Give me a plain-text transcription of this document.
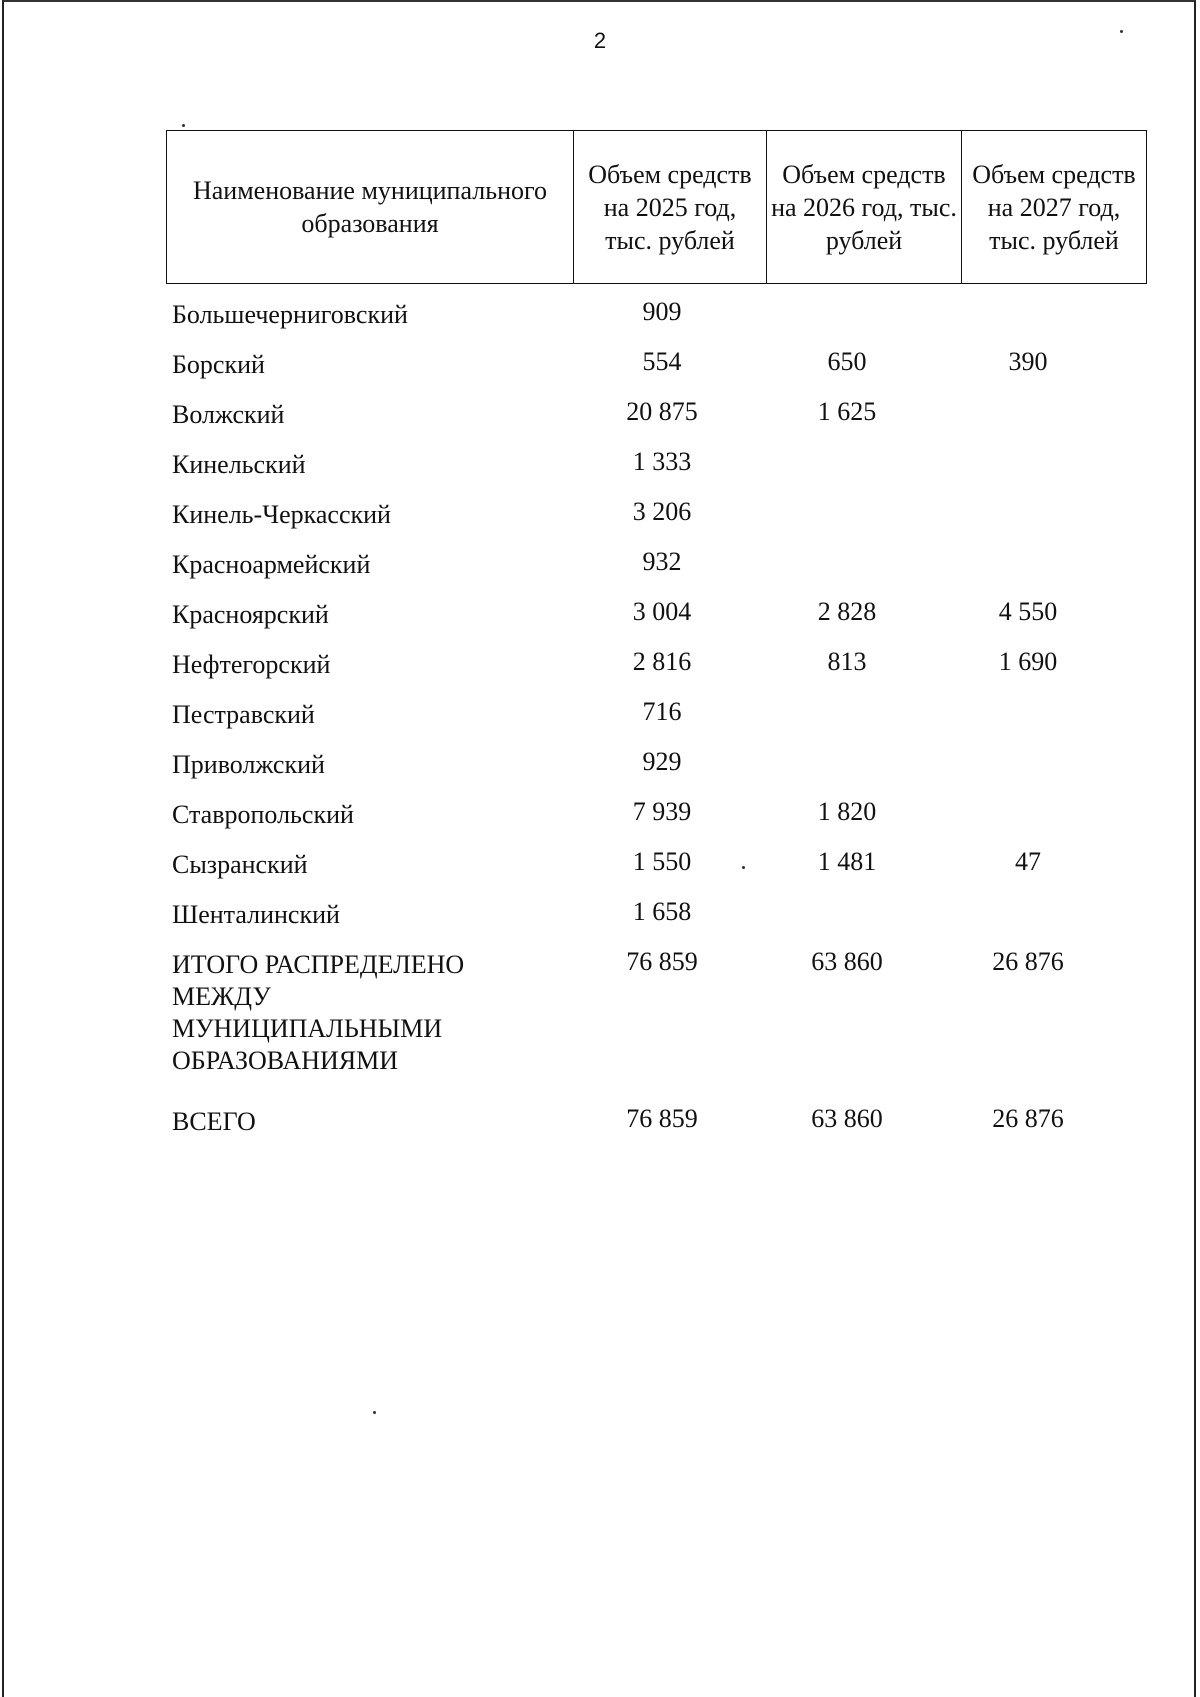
2
Наименование муниципального образования	Объем средств на 2025 год, тыс. рублей	Объем средств на 2026 год, тыс. рублей	Объем средств на 2027 год, тыс. рублей
Большечерниговский	909		
Борский	554	650	390
Волжский	20 875	1 625	
Кинельский	1 333		
Кинель-Черкасский	3 206		
Красноармейский	932		
Красноярский	3 004	2 828	4 550
Нефтегорский	2 816	813	1 690
Пестравский	716		
Приволжский	929		
Ставропольский	7 939	1 820	
Сызранский	1 550	1 481	47
Шенталинский	1 658		

ИТОГО РАСПРЕДЕЛЕНО
МЕЖДУ
МУНИЦИПАЛЬНЫМИ
ОБРАЗОВАНИЯМИ	76 859	63 860	26 876
ВСЕГО	76 859	63 860	26 876
